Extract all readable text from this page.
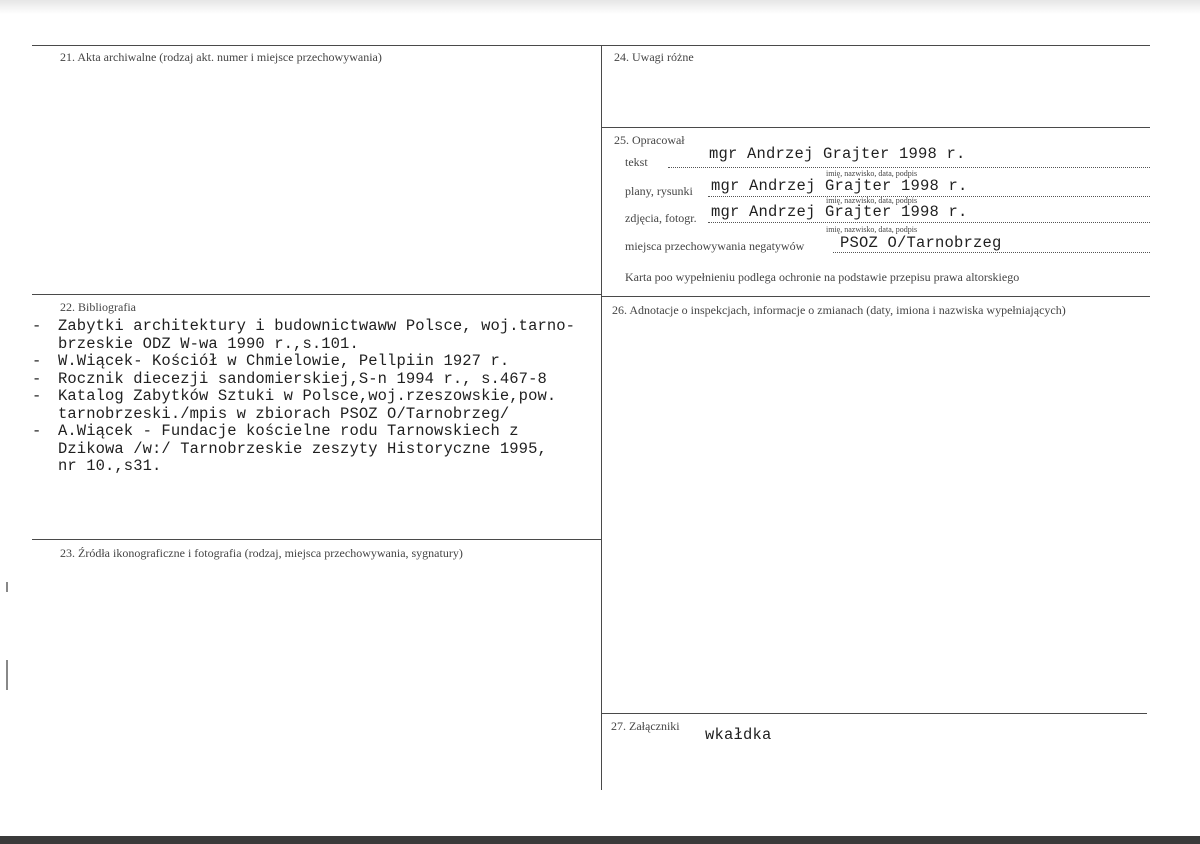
21. Akta archiwalne (rodzaj akt. numer i miejsce przechowywania)	24. Uwagi różne
25. Opracował
tekst	mgr Andrzej Grajter 1998 r.
imię, nazwisko, data, podpis
plany, rysunki mgr Andrzej Grajter 1998 r.
imię, nazwisko, data, podpis
zdjęcia, fotogr. mgr Andrzej Grajter 1998 r.
imię, nazwisko, data, podpis
miejsca przechowywania negatywów PSOZ O/Tarnobrzeg
Karta poo wypełnieniu podlega ochronie na podstawie przepisu prawa altorskiego
22. Bibliografia
- Zabytki architektury i budownictwaww Polsce, woj.tarno-
brzeskie ODZ W-wa 1990 r.,s.101.
- W.Wiącek- Kościół w Chmielowie, Pellpiin 1927 r.
- Rocznik diecezji sandomierskiej,S-n 1994 r., s.467-8
- Katalog Zabytków Sztuki w Polsce,woj.rzeszowskie,pow.
tarnobrzeski./mpis w zbiorach PSOZ O/Tarnobrzeg/
- A.Wiącek - Fundacje kościelne rodu Tarnowskiech z
Dzikowa /w:/ Tarnobrzeskie zeszyty Historyczne 1995,
nr 10.,s31.
26. Adnotacje o inspekcjach, informacje o zmianach (daty, imiona i nazwiska wypełniających)
23. Źródła ikonograficzne i fotografia (rodzaj, miejsca przechowywania, sygnatury)
27. Załączniki wkałdka
